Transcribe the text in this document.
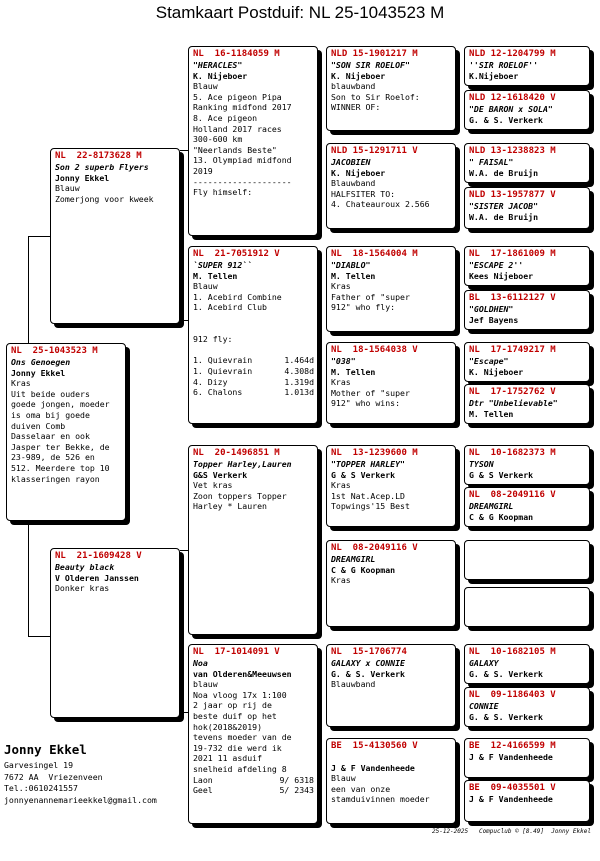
Stamkaart Postduif: NL 25-1043523 M
NL  25-1043523 M
Ons Genoegen
Jonny Ekkel
Kras
Uit beide ouders
goede jongen, moeder
is oma bij goede
duiven Comb
Dasselaar en ook
Jasper ter Bekke, de
23-989, de 526 en
512. Meerdere top 10
klasseringen rayon
NL  22-8173628 M
Son 2 superb Flyers
Jonny Ekkel
Blauw
Zomerjong voor kweek
NL  21-1609428 V
Beauty black
V Olderen Janssen
Donker kras
NL  16-1184059 M
"HERACLES"
K. Nijeboer
Blauw
5. Ace pigeon Pipa
Ranking midfond 2017
8. Ace pigeon
Holland 2017 races
300-600 km
"Neerlands Beste"
13. Olympiad midfond
2019
--------------------
Fly himself:
NL  21-7051912 V
`SUPER 912``
M. Tellen
Blauw
1. Acebird Combine
1. Acebird Club

912 fly:

1. Quievrain	1.464d
1. Quievrain	4.308d
4. Dizy	1.319d
6. Chalons	1.013d
NL  20-1496851 M
Topper Harley,Lauren
G&S Verkerk
Vet kras
Zoon toppers Topper
Harley * Lauren
NL  17-1014091 V
Noa
van Olderen&Meeuwsen
blauw
Noa vloog 17x 1:100
2 jaar op rij de
beste duif op het
hok(2018&2019)
tevens moeder van de
19-732 die werd ik
2021 11 asduif
snelheid afdeling 8
Laon	9/ 6318
Geel	5/ 2343
NLD 15-1901217 M
"SON SIR ROELOF"
K. Nijeboer
blauwband
Son to Sir Roelof:
WINNER OF:
NLD 15-1291711 V
JACOBIEN
K. Nijeboer
Blauwband
HALFSITER TO:
4. Chateauroux 2.566
NL  18-1564004 M
"DIABLO"
M. Tellen
Kras
Father of "super
912" who fly:
NL  18-1564038 V
"038"
M. Tellen
Kras
Mother of "super
912" who wins:
NL  13-1239600 M
"TOPPER HARLEY"
G & S Verkerk
Kras
1st Nat.Acep.LD
Topwings'15 Best
NL  08-2049116 V
DREAMGIRL
C & G Koopman
Kras
NL  15-1706774
GALAXY x CONNIE
G. & S. Verkerk
Blauwband
BE  15-4130560 V

J & F Vandenheede
Blauw
een van onze
stamduivinnen moeder
NLD 12-1204799 M
''SIR ROELOF''
K.Nijeboer
NLD 12-1618420 V
"DE BARON x SOLA"
G. & S. Verkerk
NLD 13-1238823 M
" FAISAL"
W.A. de Bruijn
NLD 13-1957877 V
"SISTER JACOB"
W.A. de Bruijn
NL  17-1861009 M
"ESCAPE 2''
Kees Nijeboer
BL  13-6112127 V
"GOLDHEN"
Jef Bayens
NL  17-1749217 M
"Escape"
K. Nijeboer
NL  17-1752762 V
Dtr "Unbelievable"
M. Tellen
NL  10-1682373 M
TYSON
G & S Verkerk
NL  08-2049116 V
DREAMGIRL
C & G Koopman
NL  10-1682105 M
GALAXY
G. & S. Verkerk
NL  09-1186403 V
CONNIE
G. & S. Verkerk
BE  12-4166599 M
J & F Vandenheede
BE  09-4035501 V
J & F Vandenheede
Jonny Ekkel
Garvesingel 19
7672 AA  Vriezenveen
Tel.:0610241557
jonnyenannemarieekkel@gmail.com
25-12-2025   Compuclub © [8.49]  Jonny Ekkel
